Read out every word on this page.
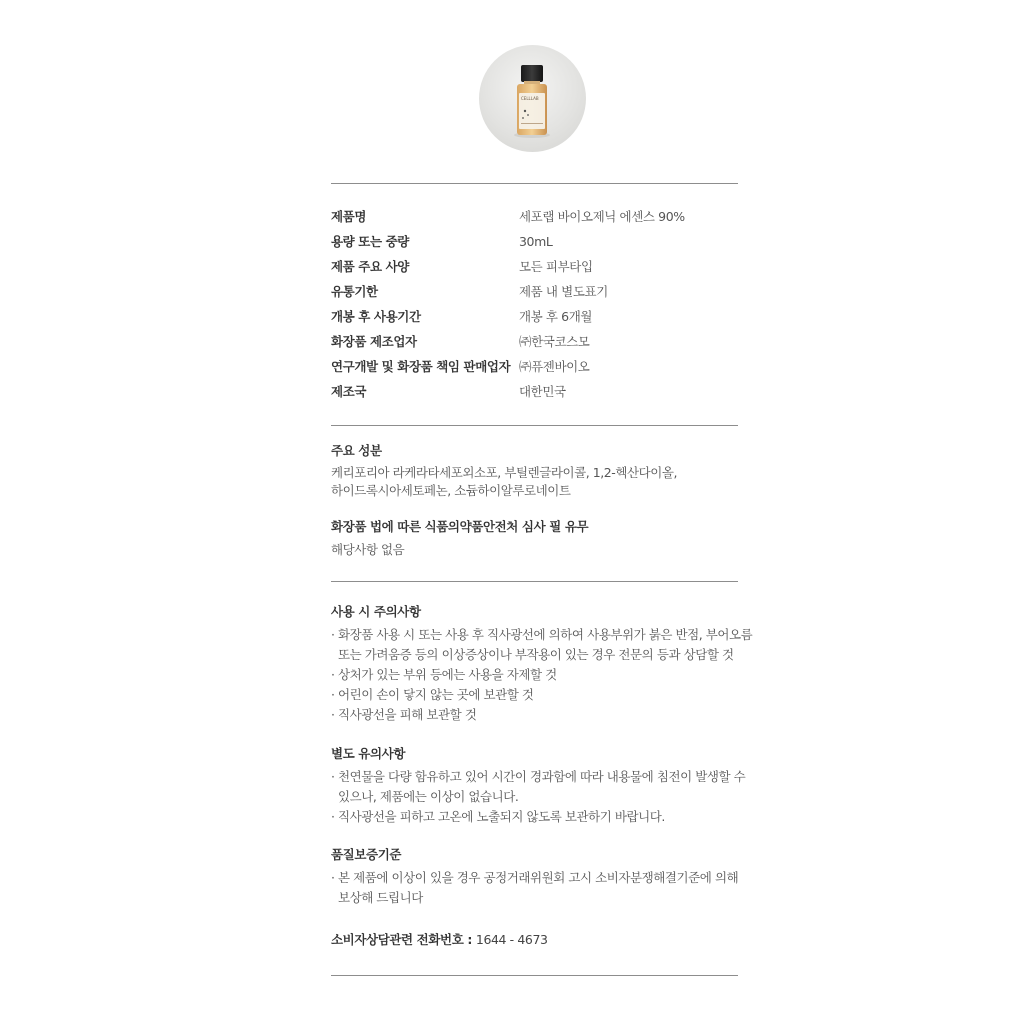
CELLLAB
제품명	세포랩 바이오제닉 에센스 90%
용량 또는 중량	30mL
제품 주요 사양	모든 피부타입
유통기한	제품 내 별도표기
개봉 후 사용기간	개봉 후 6개월
화장품 제조업자	㈜한국코스모
연구개발 및 화장품 책임 판매업자 ㈜퓨젠바이오
제조국	대한민국
주요 성분
케리포리아 라케라타세포외소포, 부틸렌글라이콜, 1,2-헥산다이올,
하이드록시아세토페논, 소듐하이알루로네이트
화장품 법에 따른 식품의약품안전처 심사 필 유무
해당사항 없음
사용 시 주의사항
· 화장품 사용 시 또는 사용 후 직사광선에 의하여 사용부위가 붉은 반점, 부어오름
또는 가려움증 등의 이상증상이나 부작용이 있는 경우 전문의 등과 상담할 것
· 상처가 있는 부위 등에는 사용을 자제할 것
· 어린이 손이 닿지 않는 곳에 보관할 것
· 직사광선을 피해 보관할 것
별도 유의사항
· 천연물을 다량 함유하고 있어 시간이 경과함에 따라 내용물에 침전이 발생할 수
있으나, 제품에는 이상이 없습니다.
· 직사광선을 피하고 고온에 노출되지 않도록 보관하기 바랍니다.
품질보증기준
· 본 제품에 이상이 있을 경우 공정거래위원회 고시 소비자분쟁해결기준에 의해
보상해 드립니다
소비자상담관련 전화번호 : 1644 - 4673
